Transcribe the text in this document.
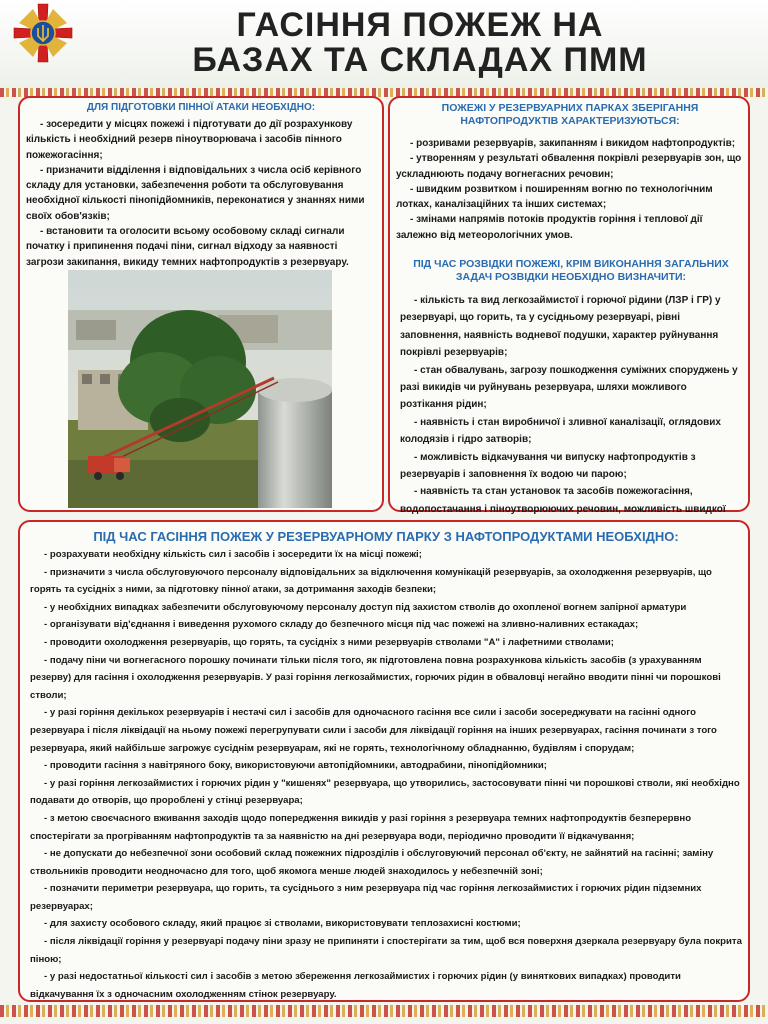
ГАСІННЯ ПОЖЕЖ НА
БАЗАХ ТА СКЛАДАХ ПММ
ДЛЯ ПІДГОТОВКИ ПІННОЇ АТАКИ НЕОБХІДНО:

- зосередити у місцях пожежі і підготувати до дії розрахункову кількість і необхідний резерв піноутворювача і засобів пінного пожежогасіння;

- призначити відділення і відповідальних з числа осіб керівного складу для установки, забезпечення роботи та обслуговування необхідної кількості пінопідйомників, переконатися у знаннях ними своїх обов'язків;

- встановити та оголосити всьому особовому складі сигнали початку і припинення подачі піни, сигнал відходу за наявності загрози закипання, викиду темних нафтопродуктів з резервуару.

ПОЖЕЖІ У РЕЗЕРВУАРНИХ ПАРКАХ ЗБЕРІГАННЯ НАФТОПРОДУКТІВ ХАРАКТЕРИЗУЮТЬСЯ:

- розривами резервуарів, закипанням і викидом нафтопродуктів;

- утворенням у результаті обвалення покрівлі резервуарів зон, що ускладнюють подачу вогнегасних речовин;

- швидким розвитком і поширенням вогню по технологічним лотках, каналізаційних та інших системах;

- змінами напрямів потоків продуктів горіння і теплової дії залежно від метеорологічних умов.

ПІД ЧАС РОЗВІДКИ ПОЖЕЖІ, КРІМ ВИКОНАННЯ ЗАГАЛЬНИХ ЗАДАЧ РОЗВІДКИ НЕОБХІДНО ВИЗНАЧИТИ:

- кількість та вид легкозаймистої і горючої рідини (ЛЗР і ГР) у резервуарі, що горить, та у сусідньому резервуарі, рівні заповнення, наявність водневої подушки, характер руйнування покрівлі резервуарів;

- стан обвалувань, загрозу пошкодження суміжних споруджень у разі викидів чи руйнувань резервуара, шляхи можливого розтікання рідин;

- наявність і стан виробничої і зливної каналізації, оглядових колодязів і гідро затворів;

- можливість відкачування чи випуску нафтопродуктів з резервуарів і заповнення їх водою чи парою;

- наявність та стан установок та засобів пожежогасіння, водопостачання і піноутворюючих речовин, можливість швидкої

ПІД ЧАС ГАСІННЯ ПОЖЕЖ У РЕЗЕРВУАРНОМУ ПАРКУ З НАФТОПРОДУКТАМИ НЕОБХІДНО:

- розрахувати необхідну кількість сил і засобів і зосередити їх на місці пожежі;

- призначити з числа обслуговуючого персоналу відповідальних за відключення комунікацій резервуарів, за охолодження резервуарів, що горять та сусідніх з ними, за підготовку пінної атаки, за дотримання заходів безпеки;

- у необхідних випадках забезпечити обслуговуючому персоналу доступ під захистом стволів до охопленої вогнем запірної арматури

- організувати від'єднання і виведення рухомого складу до безпечного місця під час пожежі на зливно-наливних естакадах;

- проводити охолодження резервуарів, що горять, та сусідніх з ними резервуарів стволами "А" і лафетними стволами;

- подачу піни чи вогнегасного порошку починати тільки після того, як підготовлена повна розрахункова кількість засобів (з урахуванням резерву) для гасіння і охолодження резервуарів. У разі горіння легкозаймистих, горючих рідин в обваловці негайно вводити пінні чи порошкові стволи;

- у разі горіння декількох резервуарів і нестачі сил і засобів для одночасного гасіння все сили і засоби зосереджувати на гасінні одного резервуара і після ліквідації на ньому пожежі перегрупувати сили і засоби для ліквідації горіння на інших резервуарах, гасіння починати з того резервуара, який найбільше загрожує сусіднім резервуарам, які не горять, технологічному обладнанню, будівлям і спорудам;

- проводити гасіння з навітряного боку, використовуючи автопідйомники, автодрабини, пінопідйомники;

- у разі горіння легкозаймистих і горючих рідин у "кишенях" резервуара, що утворились, застосовувати пінні чи порошкові стволи, які необхідно подавати до отворів, що пророблені у стінці резервуара;

- з метою своєчасного вживання заходів щодо попередження викидів у разі горіння з резервуара темних нафтопродуктів безперервно спостерігати за прогріванням нафтопродуктів та за наявністю на дні резервуара води, періодично проводити її відкачування;

- не допускати до небезпечної зони особовий склад пожежних підрозділів і обслуговуючий персонал об'єкту, не зайнятий на гасінні; заміну ствольників проводити неодночасно для того, щоб якомога менше людей знаходилось у небезпечній зоні;

- позначити периметри резервуара, що горить, та сусіднього з ним резервуара під час горіння легкозаймистих і горючих рідин підземних резервуарах;

- для захисту особового складу, який працює зі стволами, використовувати теплозахисні костюми;

- після ліквідації горіння у резервуарі подачу піни зразу не припиняти і спостерігати за тим, щоб вся поверхня дзеркала резервуару була покрита піною;

- у разі недостатньої кількості сил і засобів з метою збереження легкозаймистих і горючих рідин (у виняткових випадках) проводити відкачування їх з одночасним охолодженням стінок резервуару.
